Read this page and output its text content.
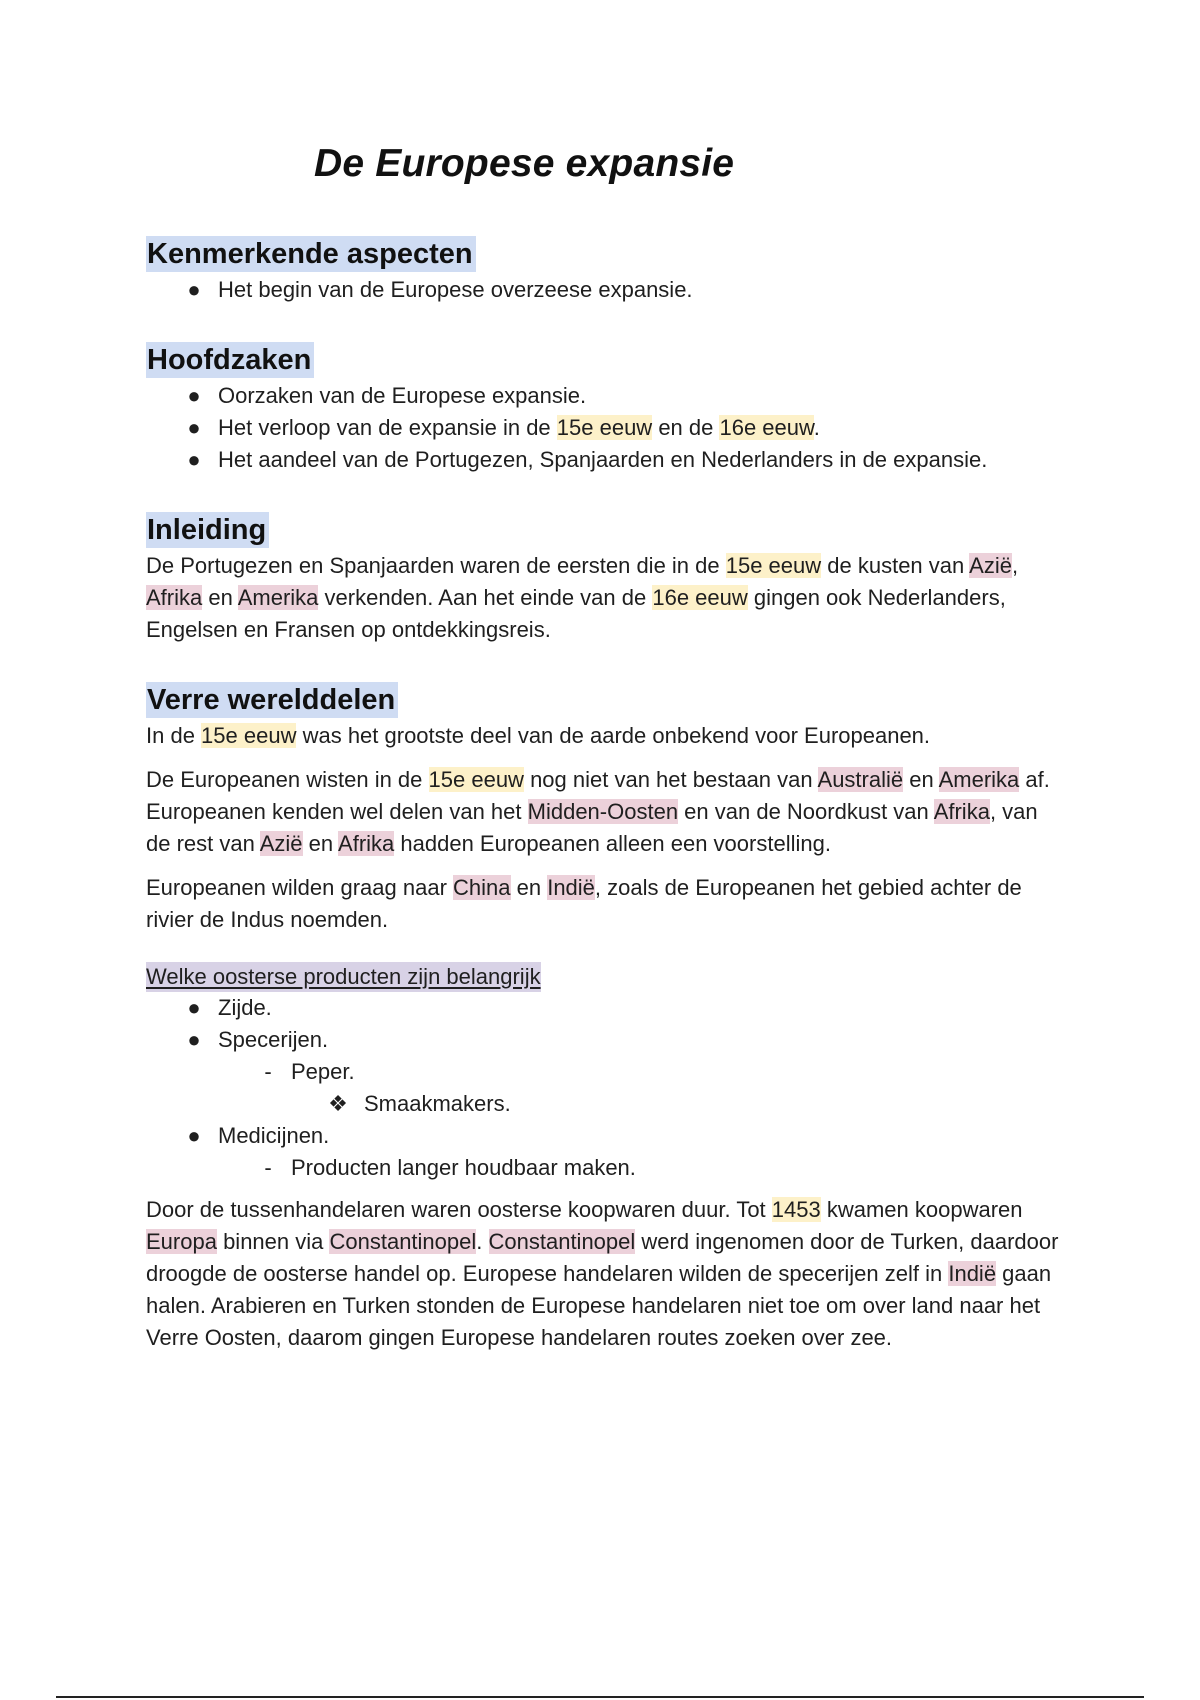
De Europese expansie
Kenmerkende aspecten
● Het begin van de Europese overzeese expansie.
Hoofdzaken
● Oorzaken van de Europese expansie.
● Het verloop van de expansie in de 15e eeuw en de 16e eeuw.
● Het aandeel van de Portugezen, Spanjaarden en Nederlanders in de expansie.
Inleiding

De Portugezen en Spanjaarden waren de eersten die in de 15e eeuw de kusten van Azië, Afrika en Amerika verkenden. Aan het einde van de 16e eeuw gingen ook Nederlanders, Engelsen en Fransen op ontdekkingsreis.

Verre werelddelen

In de 15e eeuw was het grootste deel van de aarde onbekend voor Europeanen.

De Europeanen wisten in de 15e eeuw nog niet van het bestaan van Australië en Amerika af. Europeanen kenden wel delen van het Midden-Oosten en van de Noordkust van Afrika, van de rest van Azië en Afrika hadden Europeanen alleen een voorstelling.

Europeanen wilden graag naar China en Indië, zoals de Europeanen het gebied achter de rivier de Indus noemden.

Welke oosterse producten zijn belangrijk
● Zijde.
● Specerijen.
- Peper.
❖ Smaakmakers.
● Medicijnen.
- Producten langer houdbaar maken.

Door de tussenhandelaren waren oosterse koopwaren duur. Tot 1453 kwamen koopwaren Europa binnen via Constantinopel. Constantinopel werd ingenomen door de Turken, daardoor droogde de oosterse handel op. Europese handelaren wilden de specerijen zelf in Indië gaan halen. Arabieren en Turken stonden de Europese handelaren niet toe om over land naar het Verre Oosten, daarom gingen Europese handelaren routes zoeken over zee.
